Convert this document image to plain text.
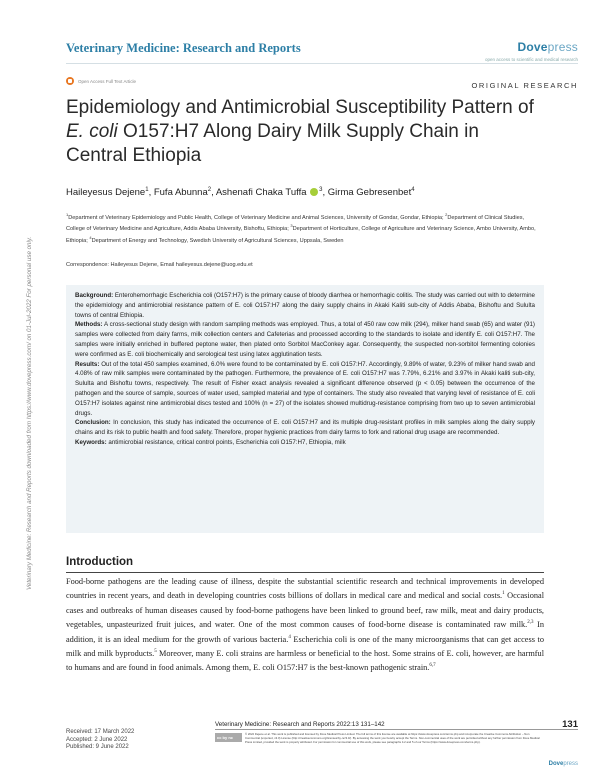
Veterinary Medicine: Research and Reports	Dovepress
open access to scientific and medical research
Veterinary Medicine: Research and Reports downloaded from https://www.dovepress.com/ on 01-Jul-2022 For personal use only.
Open Access Full Text Article	ORIGINAL RESEARCH
Epidemiology and Antimicrobial Susceptibility Pattern of E. coli O157:H7 Along Dairy Milk Supply Chain in Central Ethiopia
Haileyesus Dejene$^1$, Fufa Abunna$^2$, Ashenafi Chaka Tuffa $^3$, Girma Gebresenbet$^4$
$^1$Department of Veterinary Epidemiology and Public Health, College of Veterinary Medicine and Animal Sciences, University of Gondar, Gondar, Ethiopia; $^2$Department of Clinical Studies, College of Veterinary Medicine and Agriculture, Addis Ababa University, Bishoftu, Ethiopia; $^3$Department of Horticulture, College of Agriculture and Veterinary Science, Ambo University, Ambo, Ethiopia; $^4$Department of Energy and Technology, Swedish University of Agricultural Sciences, Uppsala, Sweden
Correspondence: Haileyesus Dejene, Email haileyesus.dejene@uog.edu.et

Background: Enterohemorrhagic Escherichia coli (O157:H7) is the primary cause of bloody diarrhea or hemorrhagic colitis. The study was carried out with to determine the epidemiology and antimicrobial resistance pattern of E. coli O157:H7 along the dairy supply chains in Akaki Kaliti sub-city of Addis Ababa, Bishoftu and Sululta towns of central Ethiopia.

Methods: A cross-sectional study design with random sampling methods was employed. Thus, a total of 450 raw cow milk (294), milker hand swab (65) and water (91) samples were collected from dairy farms, milk collection centers and Cafeterias and processed according to the standards to isolate and identify E. coli O157:H7. The samples were initially enriched in buffered peptone water, then plated onto Sorbitol MacConkey agar. Consequently, the suspected non-sorbitol fermenting colonies were confirmed as E. coli biochemically and serological test using latex agglutination tests.

Results: Out of the total 450 samples examined, 6.0% were found to be contaminated by E. coli O157:H7. Accordingly, 9.89% of water, 9.23% of milker hand swab and 4.08% of raw milk samples were contaminated by the pathogen. Furthermore, the prevalence of E. coli O157:H7 was 7.79%, 6.21% and 3.97% in Akaki kaliti sub-city, Sululta and Bishoftu towns, respectively. The result of Fisher exact analysis revealed a significant difference observed (p < 0.05) between the occurrence of the pathogen and the source of sample, sources of water used, sampled material and type of containers. The study also revealed that varying level of resistance of E. coli O157:H7 isolates against nine antimicrobial discs tested and 100% (n = 27) of the isolates showed multidrug-resistance comprising from two up to seven antimicrobial drugs.

Conclusion: In conclusion, this study has indicated the occurrence of E. coli O157:H7 and its multiple drug-resistant profiles in milk samples along the dairy supply chains and its risk to public health and food safety. Therefore, proper hygienic practices from dairy farms to fork and rational drug usage are recommended.

Keywords: antimicrobial resistance, critical control points, Escherichia coli O157:H7, Ethiopia, milk

Introduction

Food-borne pathogens are the leading cause of illness, despite the substantial scientific research and technical improvements in developed countries in recent years, and death in developing countries costs billions of dollars in medical care and medical and social costs.$^1$ Occasional cases and outbreaks of human diseases caused by food-borne pathogens have been linked to ground beef, raw milk, meat and dairy products, vegetables, unpasteurized fruit juices, and water. One of the most common causes of food-borne disease is contaminated raw milk.$^{2,3}$ In addition, it is an ideal medium for the growth of various bacteria.$^4$ Escherichia coli is one of the many microorganisms that can get access to milk and milk byproducts.$^5$ Moreover, many E. coli strains are harmless or beneficial to the host. Some strains of E. coli, however, are harmful to humans and are found in food animals. Among them, E. coli O157:H7 is the best-known pathogenic strain.$^{6,7}$

Received: 17 March 2022
Accepted: 2 June 2022
Published: 9 June 2022
Veterinary Medicine: Research and Reports 2022:13 131–142	131
cc by nc
© 2022 Dejene et al. This work is published and licensed by Dove Medical Press Limited. The full terms of this license are available at https://www.dovepress.com/terms.php and incorporate the Creative Commons Attribution – Non Commercial (unported, v3.0) License (http://creativecommons.org/licenses/by-nc/3.0/). By accessing the work you hereby accept the Terms. Non-commercial uses of the work are permitted without any further permission from Dove Medical Press Limited, provided the work is properly attributed. For permission for commercial use of this work, please see paragraphs 4.2 and 5 of our Terms (https://www.dovepress.com/terms.php).
Dovepress
